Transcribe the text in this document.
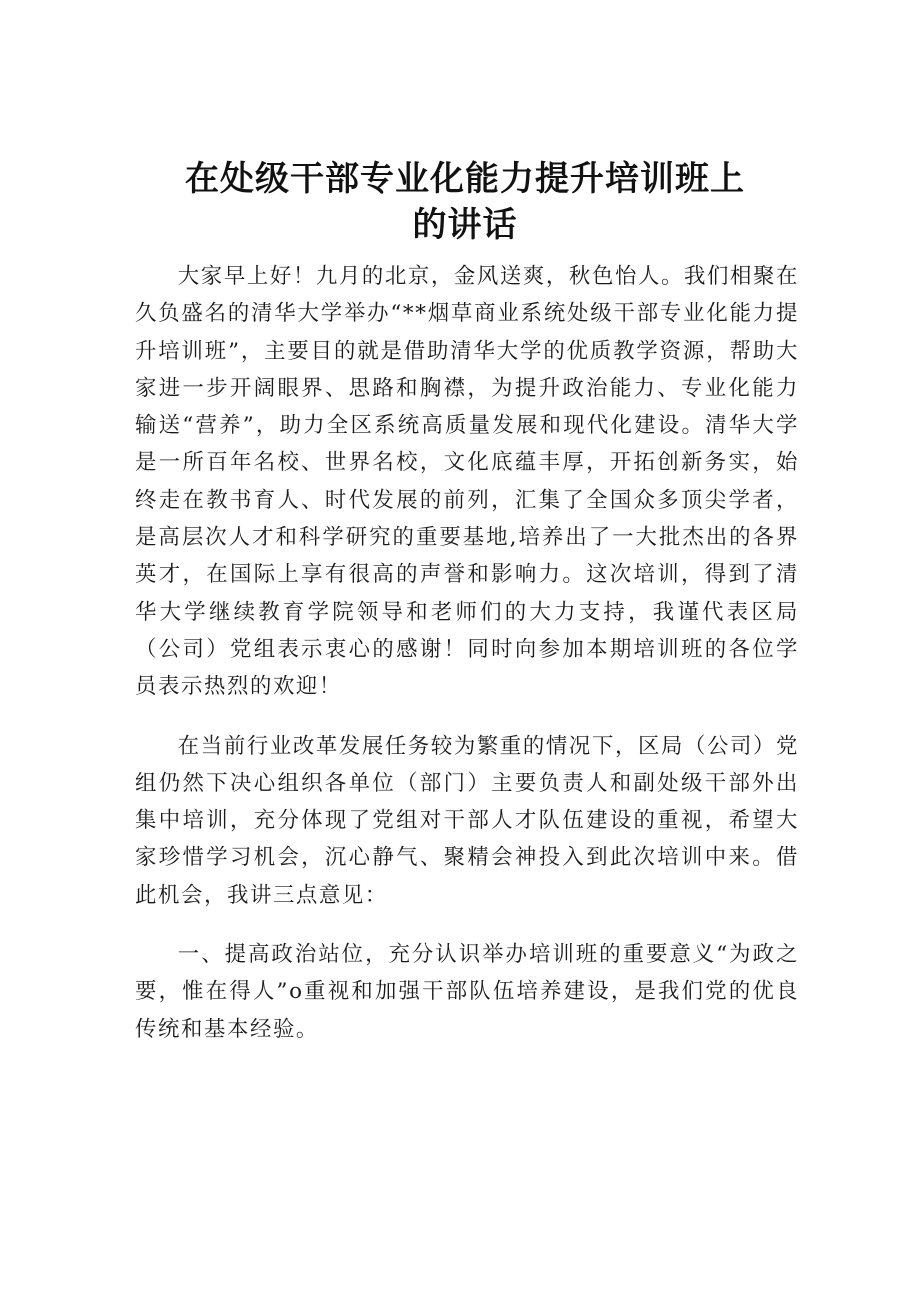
在处级干部专业化能力提升培训班上的讲话

大家早上好！九月的北京，金风送爽，秋色怡人。我们相聚在久负盛名的清华大学举办“**烟草商业系统处级干部专业化能力提升培训班”，主要目的就是借助清华大学的优质教学资源，帮助大家进一步开阔眼界、思路和胸襟，为提升政治能力、专业化能力输送“营养”，助力全区系统高质量发展和现代化建设。清华大学是一所百年名校、世界名校，文化底蕴丰厚，开拓创新务实，始终走在教书育人、时代发展的前列，汇集了全国众多顶尖学者，是高层次人才和科学研究的重要基地,培养出了一大批杰出的各界英才，在国际上享有很高的声誉和影响力。这次培训，得到了清华大学继续教育学院领导和老师们的大力支持，我谨代表区局（公司）党组表示衷心的感谢！同时向参加本期培训班的各位学员表示热烈的欢迎！

在当前行业改革发展任务较为繁重的情况下，区局（公司）党组仍然下决心组织各单位（部门）主要负责人和副处级干部外出集中培训，充分体现了党组对干部人才队伍建设的重视，希望大家珍惜学习机会，沉心静气、聚精会神投入到此次培训中来。借此机会，我讲三点意见：

一、提高政治站位，充分认识举办培训班的重要意义“为政之要，惟在得人”o重视和加强干部队伍培养建设，是我们党的优良传统和基本经验。
